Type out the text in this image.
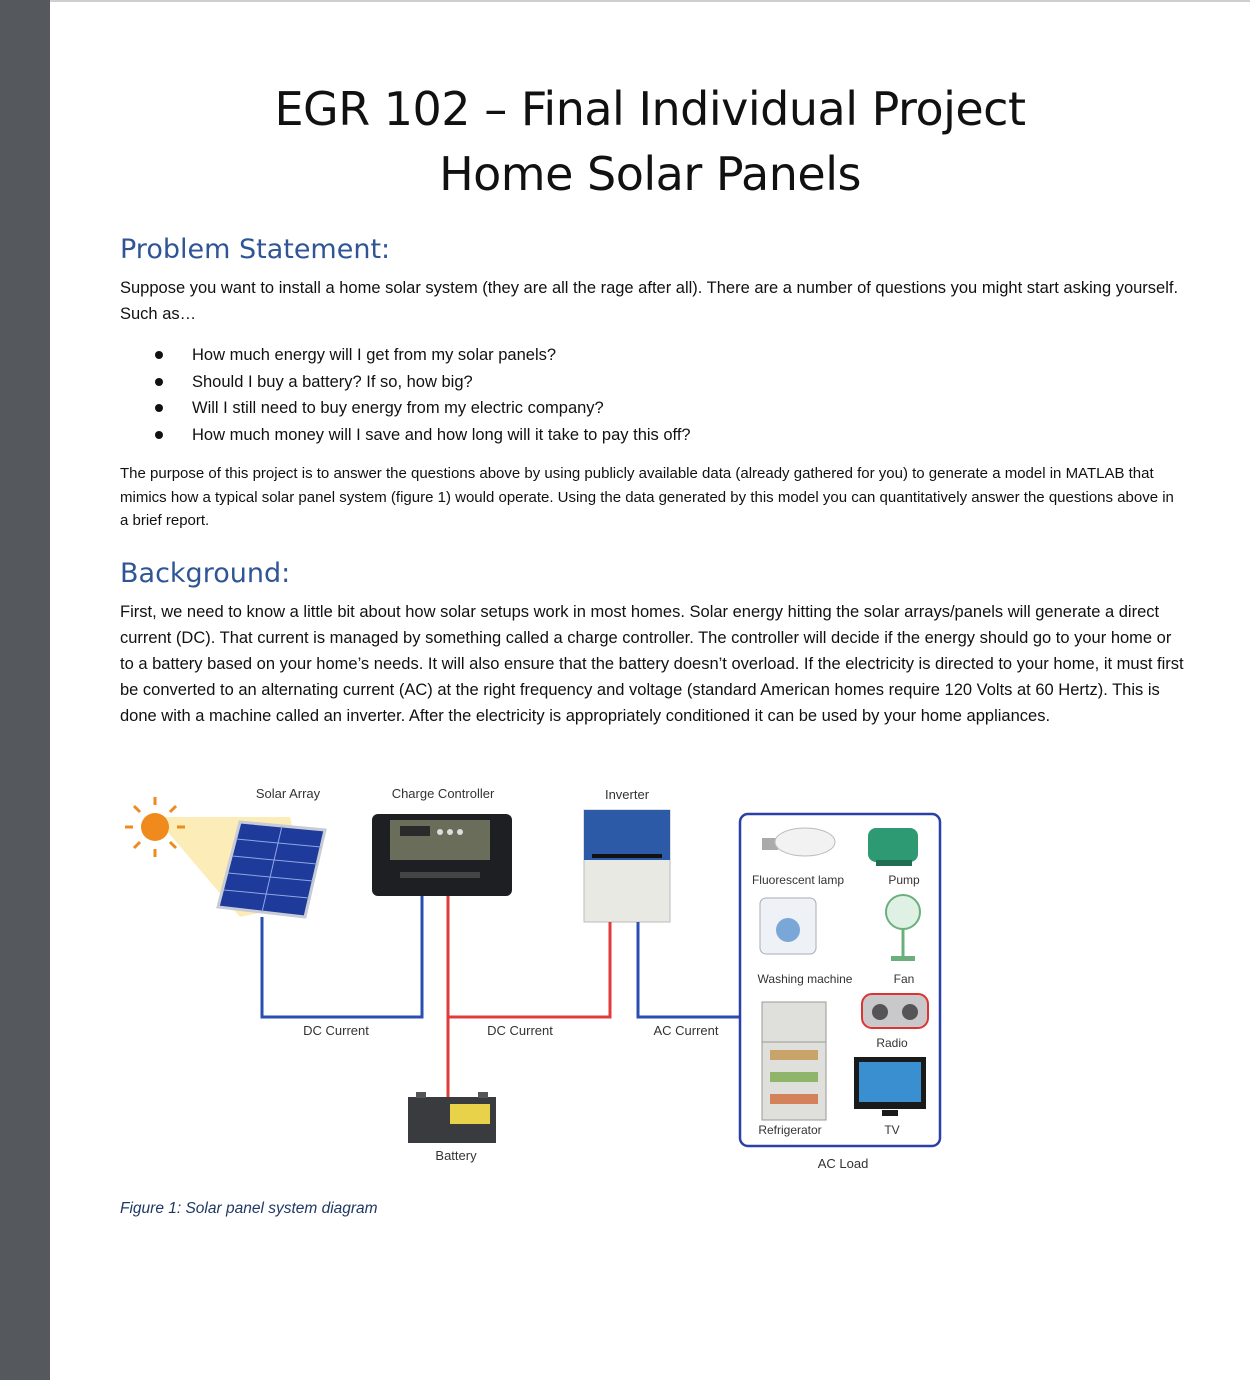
EGR 102 – Final Individual Project
Home Solar Panels
Problem Statement:
Suppose you want to install a home solar system (they are all the rage after all). There are a number of questions you might start asking yourself. Such as…
How much energy will I get from my solar panels?
Should I buy a battery? If so, how big?
Will I still need to buy energy from my electric company?
How much money will I save and how long will it take to pay this off?
The purpose of this project is to answer the questions above by using publicly available data (already gathered for you) to generate a model in MATLAB that mimics how a typical solar panel system (figure 1) would operate. Using the data generated by this model you can quantitatively answer the questions above in a brief report.
Background:
First, we need to know a little bit about how solar setups work in most homes. Solar energy hitting the solar arrays/panels will generate a direct current (DC). That current is managed by something called a charge controller. The controller will decide if the energy should go to your home or to a battery based on your home’s needs. It will also ensure that the battery doesn’t overload. If the electricity is directed to your home, it must first be converted to an alternating current (AC) at the right frequency and voltage (standard American homes require 120 Volts at 60 Hertz). This is done with a machine called an inverter. After the electricity is appropriately conditioned it can be used by your home appliances.
Solar Array	Charge Controller	Inverter
DC Current	DC Current	AC Current
Battery
Fluorescent lamp	Pump
Washing machine	Fan
Refrigerator
Radio
TV
AC Load
Figure 1: Solar panel system diagram
